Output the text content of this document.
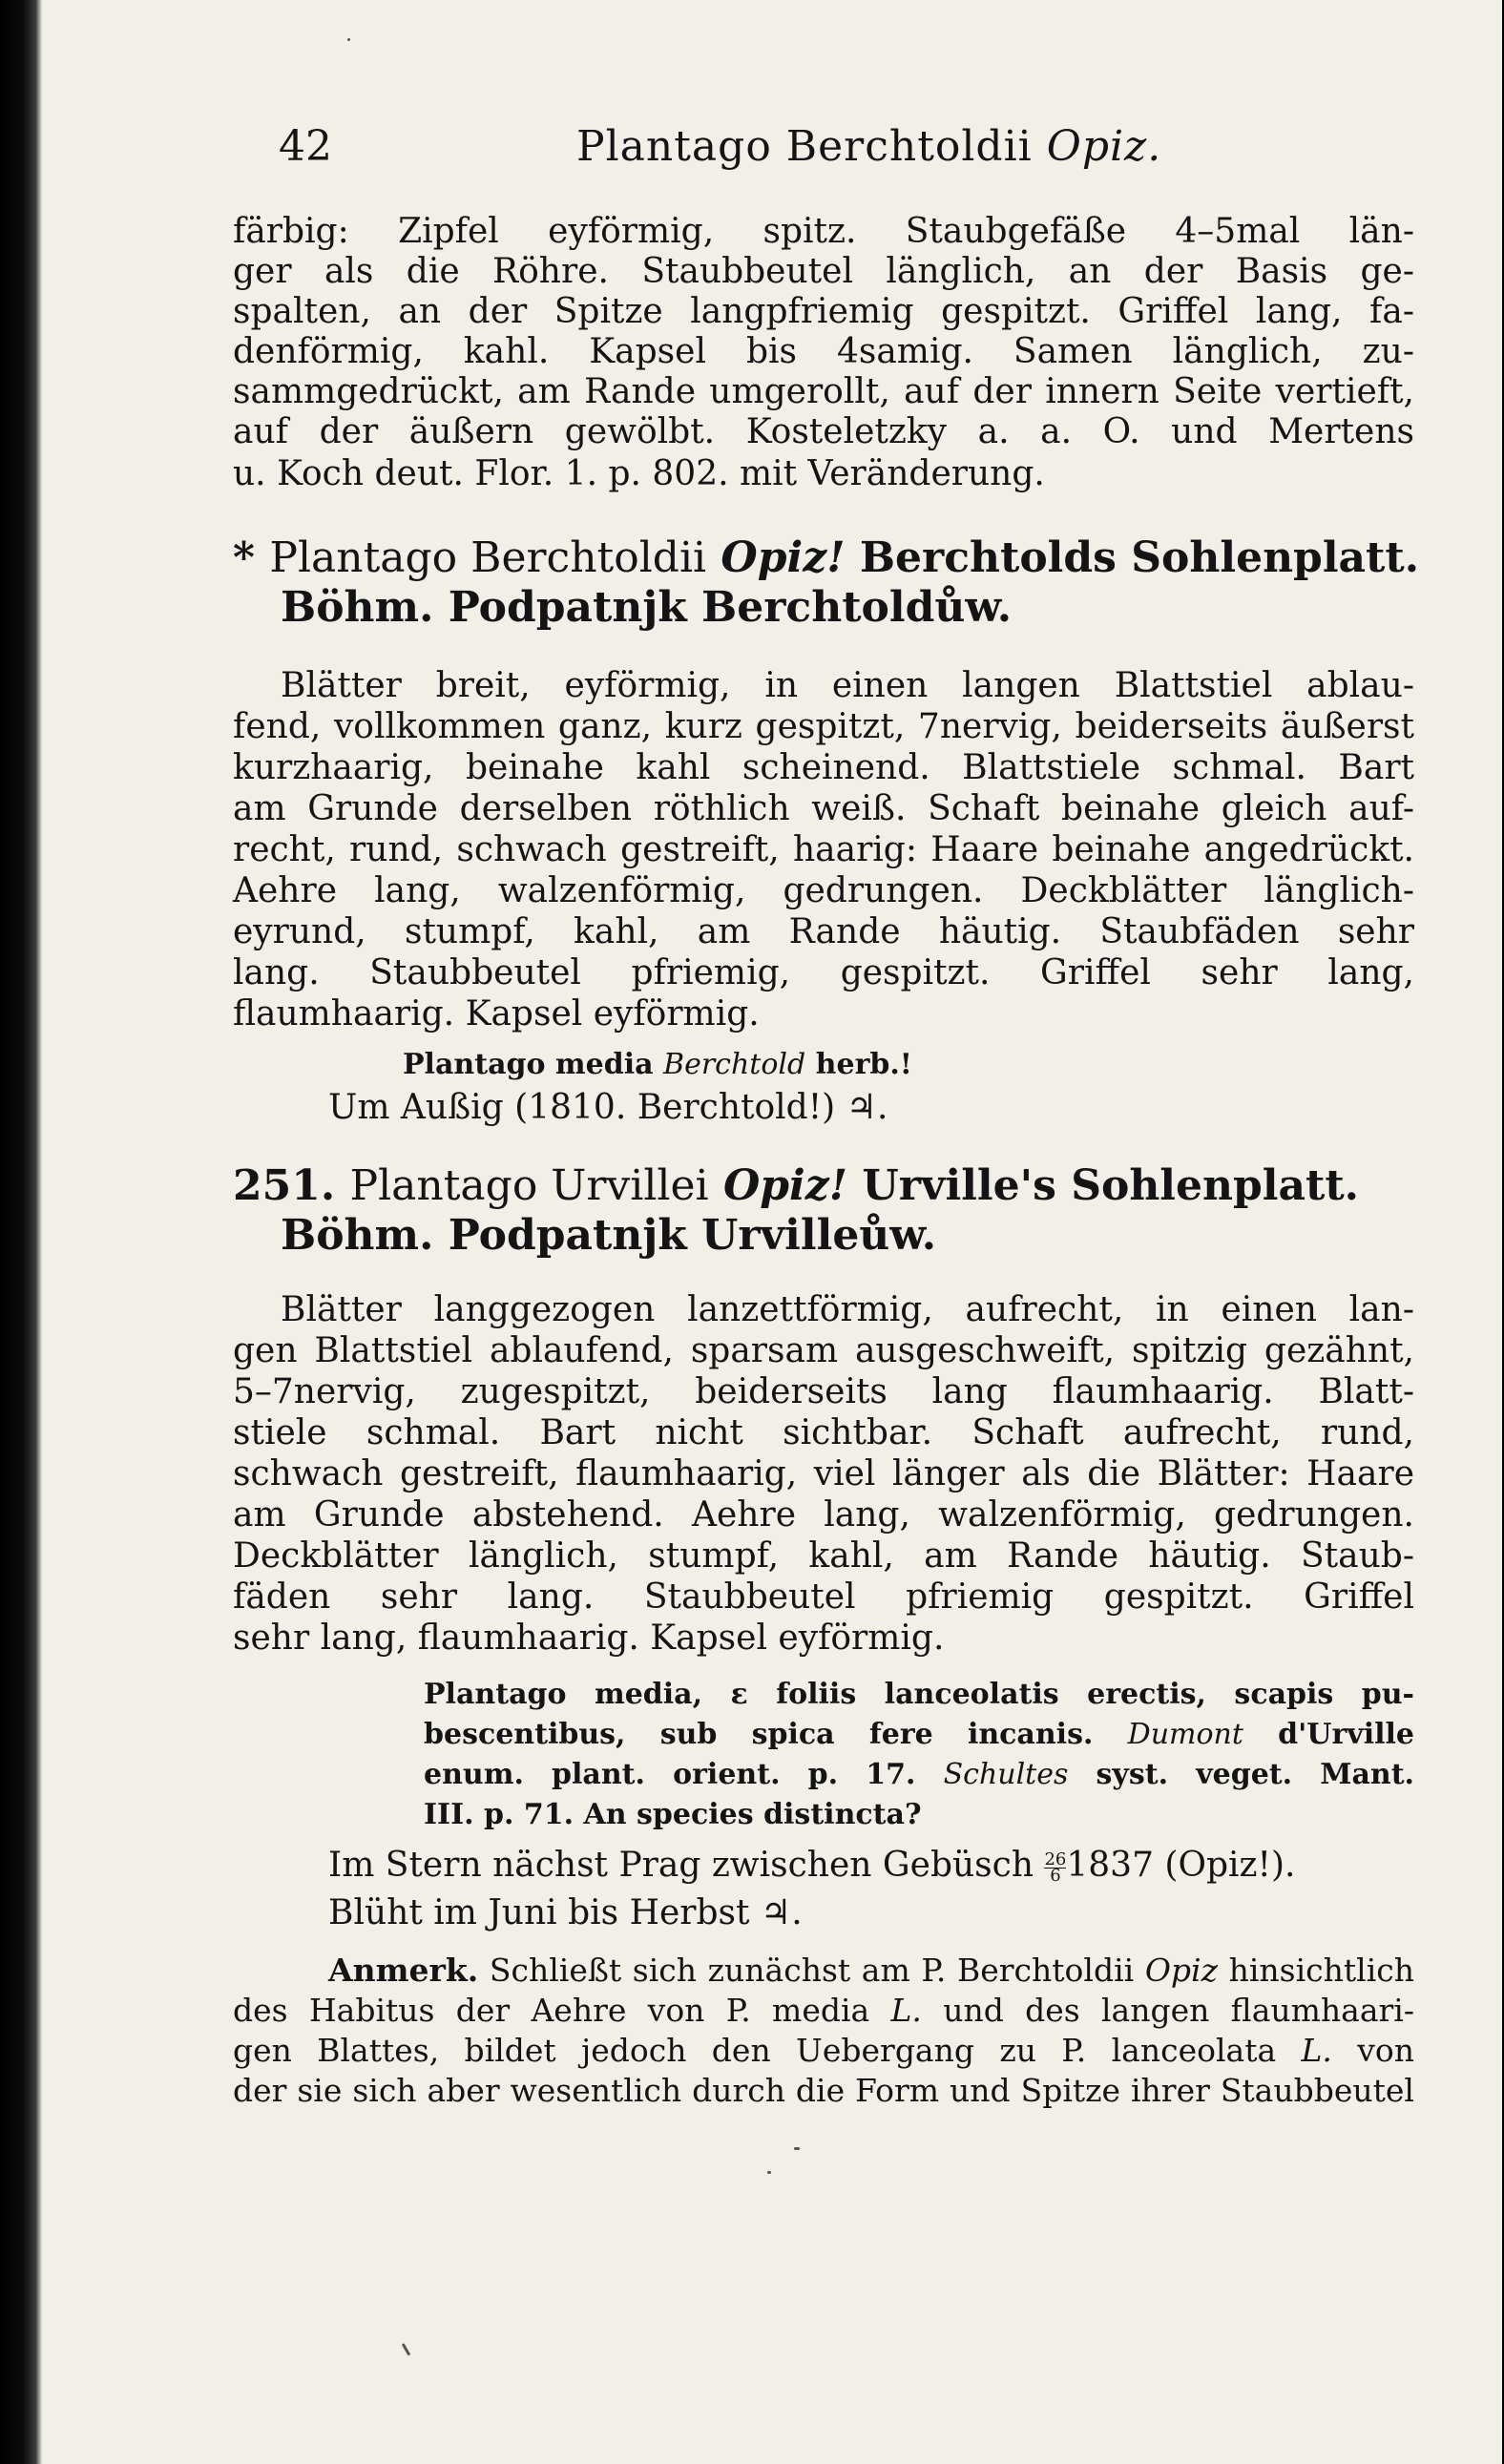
42	Plantago Berchtoldii Opiz.
färbig: Zipfel eyförmig, spitz. Staubgefäße 4–5mal län-
ger als die Röhre. Staubbeutel länglich, an der Basis ge-
spalten, an der Spitze langpfriemig gespitzt. Griffel lang, fa-
denförmig, kahl. Kapsel bis 4samig. Samen länglich, zu-
sammgedrückt, am Rande umgerollt, auf der innern Seite vertieft,
auf der äußern gewölbt. Kosteletzky a. a. O. und Mertens
u. Koch deut. Flor. 1. p. 802. mit Veränderung.
* Plantago Berchtoldii Opiz! Berchtolds Sohlenplatt.
Böhm. Podpatnjk Berchtoldůw.
Blätter breit, eyförmig, in einen langen Blattstiel ablau-
fend, vollkommen ganz, kurz gespitzt, 7nervig, beiderseits äußerst
kurzhaarig, beinahe kahl scheinend. Blattstiele schmal. Bart
am Grunde derselben röthlich weiß. Schaft beinahe gleich auf-
recht, rund, schwach gestreift, haarig: Haare beinahe angedrückt.
Aehre lang, walzenförmig, gedrungen. Deckblätter länglich-
eyrund, stumpf, kahl, am Rande häutig. Staubfäden sehr
lang. Staubbeutel pfriemig, gespitzt. Griffel sehr lang,
flaumhaarig. Kapsel eyförmig.
Plantago media Berchtold herb.!
Um Außig (1810. Berchtold!) ♃.
251. Plantago Urvillei Opiz! Urville's Sohlenplatt.
Böhm. Podpatnjk Urvilleůw.
Blätter langgezogen lanzettförmig, aufrecht, in einen lan-
gen Blattstiel ablaufend, sparsam ausgeschweift, spitzig gezähnt,
5–7nervig, zugespitzt, beiderseits lang flaumhaarig. Blatt-
stiele schmal. Bart nicht sichtbar. Schaft aufrecht, rund,
schwach gestreift, flaumhaarig, viel länger als die Blätter: Haare
am Grunde abstehend. Aehre lang, walzenförmig, gedrungen.
Deckblätter länglich, stumpf, kahl, am Rande häutig. Staub-
fäden sehr lang. Staubbeutel pfriemig gespitzt. Griffel
sehr lang, flaumhaarig. Kapsel eyförmig.
Plantago media, ε foliis lanceolatis erectis, scapis pu-
bescentibus, sub spica fere incanis. Dumont d'Urville
enum. plant. orient. p. 17. Schultes syst. veget. Mant.
III. p. 71. An species distincta?
Im Stern nächst Prag zwischen Gebüsch $\frac{26}{6} 1837$ (Opiz!).
Blüht im Juni bis Herbst ♃.
Anmerk. Schließt sich zunächst am P. Berchtoldii Opiz hinsichtlich
des Habitus der Aehre von P. media L. und des langen flaumhaari-
gen Blattes, bildet jedoch den Uebergang zu P. lanceolata L. von
der sie sich aber wesentlich durch die Form und Spitze ihrer Staubbeutel
